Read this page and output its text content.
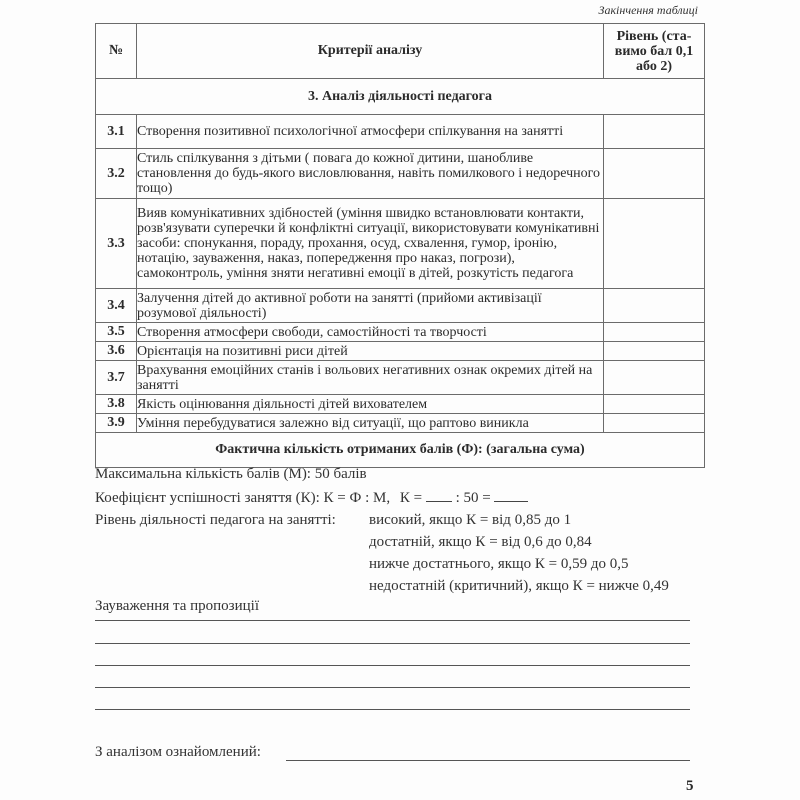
Закінчення таблиці
№	Критерії аналізу	Рівень (ста-вимо бал 0,1 або 2)
3. Аналіз діяльності педагога		
3.1	Створення позитивної психологічної атмосфери спілкування на занятті	
3.2	Стиль спілкування з дітьми ( повага до кожної дитини, шанобливе становлення до будь-якого висловлювання, навіть помилкового і недоречного тощо)	
3.3	Вияв комунікативних здібностей (уміння швидко встановлювати контакти, розв'язувати суперечки й конфліктні ситуації, використовувати комунікативні засоби: спонукання, пораду, прохання, осуд, схвалення, гумор, іронію, нотацію, зауваження, наказ, попередження про наказ, погрози), самоконтроль, уміння зняти негативні емоції в дітей, розкутість педагога	
3.4	Залучення дітей до активної роботи на занятті (прийоми активізації розумової діяльності)	
3.5	Створення атмосфери свободи, самостійності та творчості	
3.6	Орієнтація на позитивні риси дітей	
3.7	Врахування емоційних станів і вольових негативних ознак окремих дітей на занятті	
3.8	Якість оцінювання діяльності дітей вихователем	
3.9	Уміння перебудуватися залежно від ситуації, що раптово виникла	
Фактична кількість отриманих балів (Ф): (загальна сума)		
Максимальна кількість балів (М): 50 балів
Коефіцієнт успішності заняття (К): К = Ф : М, К = : 50 =
Рівень діяльності педагога на занятті: високий, якщо К = від 0,85 до 1
достатній, якщо К = від 0,6 до 0,84
нижче достатнього, якщо К = 0,59 до 0,5
недостатній (критичний), якщо К = нижче 0,49
Зауваження та пропозиції
З аналізом ознайомлений:
5
